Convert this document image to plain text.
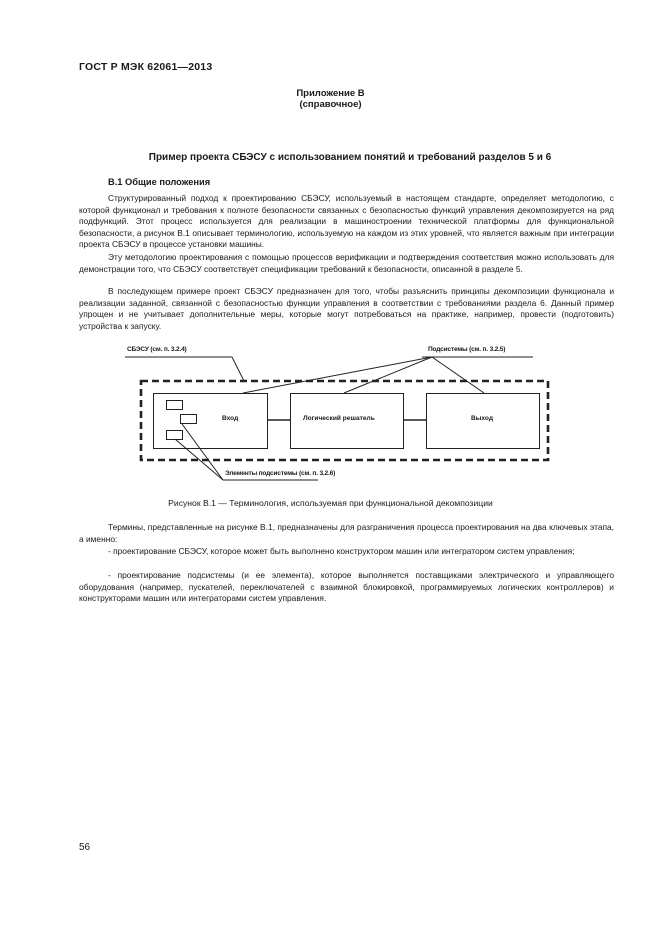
ГОСТ Р МЭК 62061—2013
Приложение В
(справочное)
Пример проекта СБЭСУ с использованием понятий и требований разделов 5 и 6
В.1 Общие положения

Структурированный подход к проектированию СБЭСУ, используемый в настоящем стандарте, определяет методологию, с которой функционал и требования к полноте безопасности связанных с безопасностью функций управления декомпозируется на ряд подфункций. Этот процесс используется для реализации в машиностроении технической платформы для функциональной безопасности, а рисунок В.1 описывает терминологию, используемую на каждом из этих уровней, что является важным при интеграции проекта СБЭСУ в процессе установки машины.

Эту методологию проектирования с помощью процессов верификации и подтверждения соответствия можно использовать для демонстрации того, что СБЭСУ соответствует спецификации требований к безопасности, описанной в разделе 5.

В последующем примере проект СБЭСУ предназначен для того, чтобы разъяснить принципы декомпозиции функционала и реализации заданной, связанной с безопасностью функции управления в соответствии с требованиями раздела 6. Данный пример упрощен и не учитывает дополнительные меры, которые могут потребоваться на практике, например, провести (подготовить) устройства к запуску.

СБЭСУ (см. п. 3.2.4)	Подсистемы (см. п. 3.2.5)
Элементы подсистемы (см. п. 3.2.6)
Вход	Логический решатель	Выход
Рисунок В.1 — Терминология, используемая при функциональной декомпозиции

Термины, представленные на рисунке В.1, предназначены для разграничения процесса проектирования на два ключевых этапа, а именно:

- проектирование СБЭСУ, которое может быть выполнено конструктором машин или интегратором систем управления;

- проектирование подсистемы (и ее элемента), которое выполняется поставщиками электрического и управляющего оборудования (например, пускателей, переключателей с взаимной блокировкой, программируемых логических контроллеров) и конструкторами машин или интеграторами систем управления.

56
